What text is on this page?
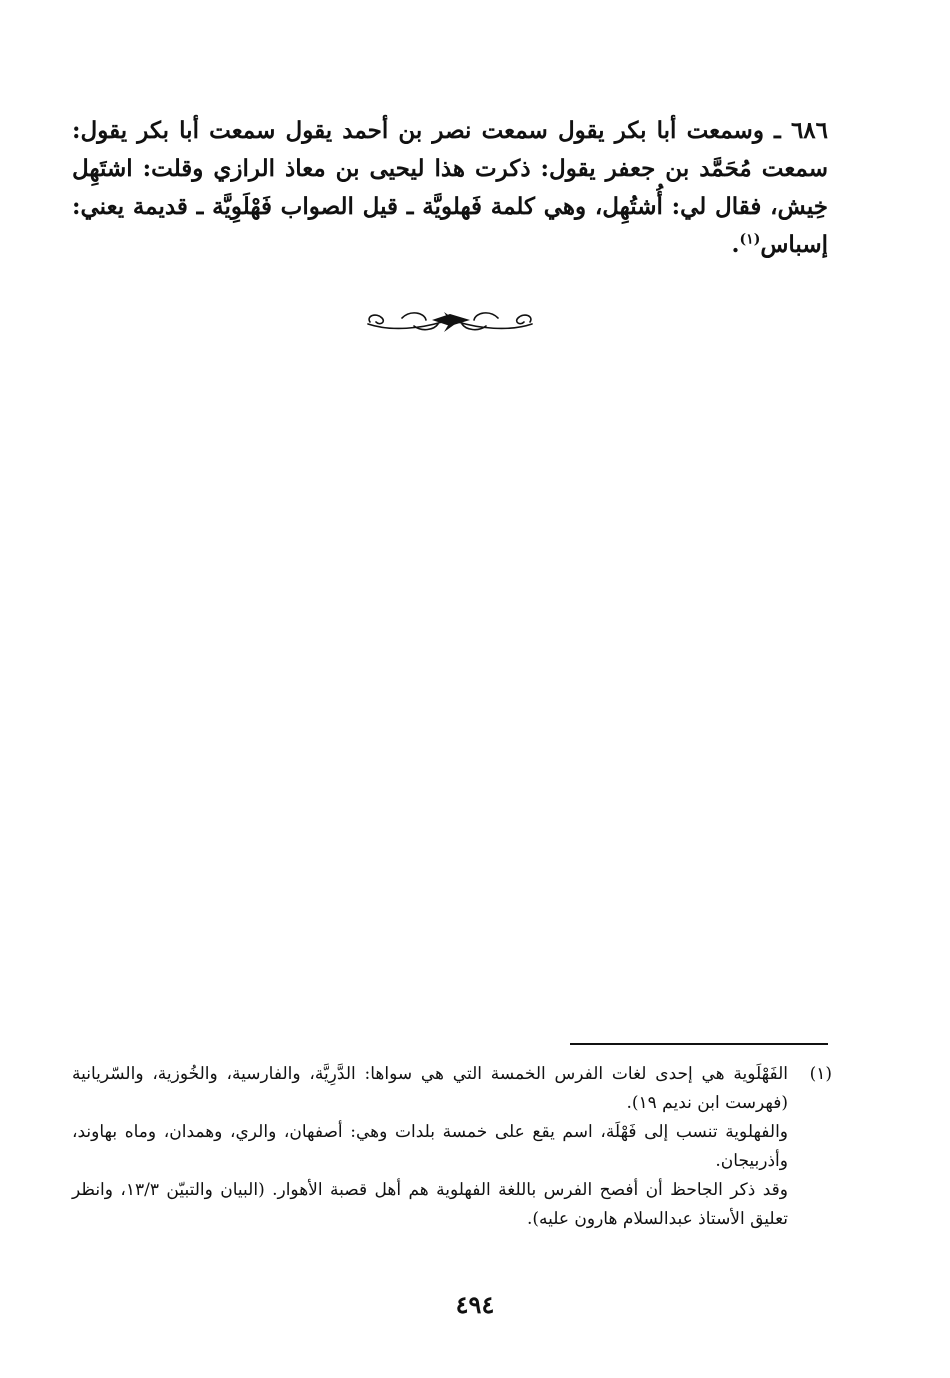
٦٨٦ ـ وسمعت أبا بكر يقول سمعت نصر بن أحمد يقول سمعت أبا بكر يقول: سمعت مُحَمَّد بن جعفر يقول: ذكرت هذا ليحيى بن معاذ الرازي وقلت: اشتَهِل خِيش، فقال لي: أُشتُهِل، وهي كلمة فَهلويَّة ـ قيل الصواب فَهْلَوِيَّة ـ قديمة يعني: إسباس$^{(١)}$.

(١)

الفَهْلَوية هي إحدى لغات الفرس الخمسة التي هي سواها: الدَّرِيَّة، والفارسية، والخُوزية، والسّريانية (فهرست ابن نديم ١٩).

والفهلوية تنسب إلى فَهْلَة، اسم يقع على خمسة بلدات وهي: أصفهان، والري، وهمدان، وماه بهاوند، وأذربيجان.

وقد ذكر الجاحظ أن أفصح الفرس باللغة الفهلوية هم أهل قصبة الأهوار. (البيان والتبيّن ١٣/٣، وانظر تعليق الأستاذ عبدالسلام هارون عليه).

٤٩٤
